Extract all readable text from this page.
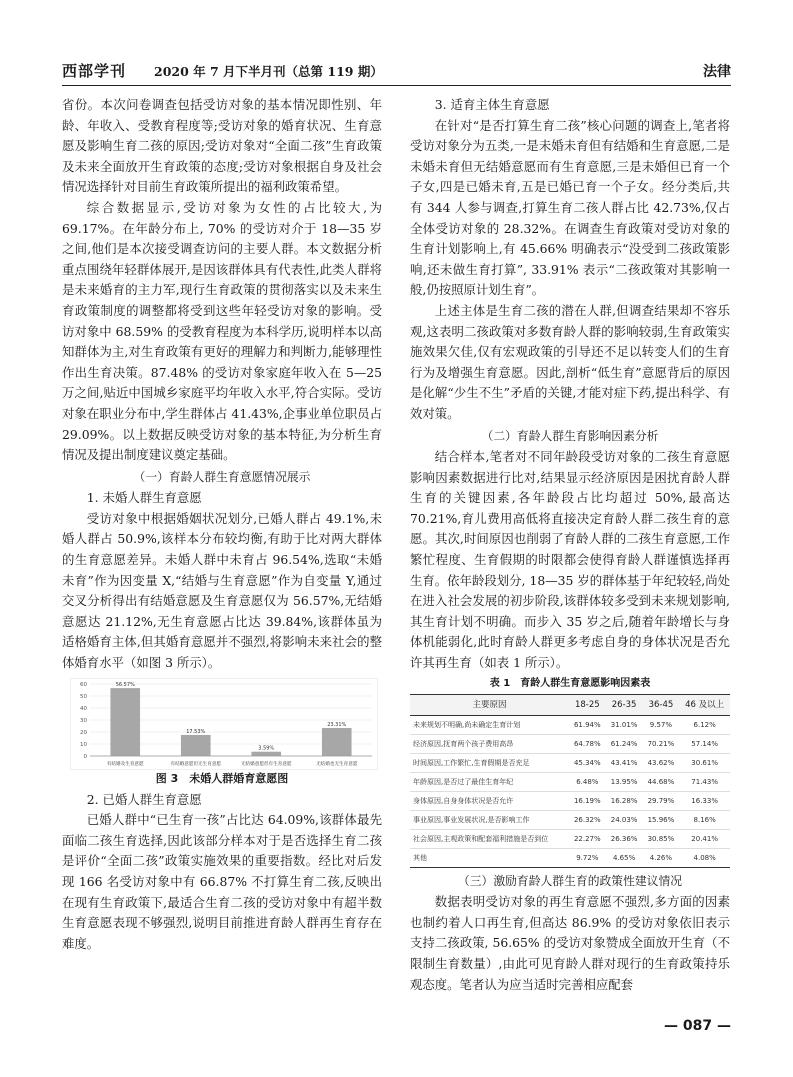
西部学刊 2020 年 7 月下半月刊（总第 119 期）	法律

省份。本次问卷调查包括受访对象的基本情况即性别、年龄、年收入、受教育程度等;受访对象的婚育状况、生育意愿及影响生育二孩的原因;受访对象对“全面二孩”生育政策及未来全面放开生育政策的态度;受访对象根据自身及社会情况选择针对目前生育政策所提出的福利政策希望。

综合数据显示,受访对象为女性的占比较大,为 69.17%。在年龄分布上, 70% 的受访对介于 18—35 岁之间,他们是本次接受调查访问的主要人群。本文数据分析重点围绕年轻群体展开,是因该群体具有代表性,此类人群将是未来婚育的主力军,现行生育政策的贯彻落实以及未来生育政策制度的调整都将受到这些年轻受访对象的影响。受访对象中 68.59% 的受教育程度为本科学历,说明样本以高知群体为主,对生育政策有更好的理解力和判断力,能够理性作出生育决策。87.48% 的受访对象家庭年收入在 5—25 万之间,贴近中国城乡家庭平均年收入水平,符合实际。受访对象在职业分布中,学生群体占 41.43%,企事业单位职员占 29.09%。以上数据反映受访对象的基本特征,为分析生育情况及提出制度建议奠定基础。

（一）育龄人群生育意愿情况展示

1. 未婚人群生育意愿

受访对象中根据婚姻状况划分,已婚人群占 49.1%,未婚人群占 50.9%,该样本分布较均衡,有助于比对两大群体的生育意愿差异。未婚人群中未育占 96.54%,选取“未婚未育”作为因变量 X,“结婚与生育意愿”作为自变量 Y,通过交叉分析得出有结婚意愿及生育意愿仅为 56.57%,无结婚意愿达 21.12%,无生育意愿占比达 39.84%,该群体虽为适格婚育主体,但其婚育意愿并不强烈,将影响未来社会的整体婚育水平（如图 3 所示）。

0
10
20
30
40
50
60	56.57%
有结婚及生育意愿
17.53%
有结婚意愿但无生育意愿
3.59%
无结婚意愿但有生育意愿
23.31%
无结婚也无生育意愿
图 3　未婚人群婚育意愿图

2. 已婚人群生育意愿

已婚人群中“已生育一孩”占比达 64.09%,该群体最先面临二孩生育选择,因此该部分样本对于是否选择生育二孩是评价“全面二孩”政策实施效果的重要指数。经比对后发现 166 名受访对象中有 66.87% 不打算生育二孩,反映出在现有生育政策下,最适合生育二孩的受访对象中有超半数生育意愿表现不够强烈,说明目前推进育龄人群再生育存在难度。

3. 适育主体生育意愿

在针对“是否打算生育二孩”核心问题的调查上,笔者将受访对象分为五类,一是未婚未育但有结婚和生育意愿,二是未婚未育但无结婚意愿而有生育意愿,三是未婚但已育一个子女,四是已婚未育,五是已婚已育一个子女。经分类后,共有 344 人参与调查,打算生育二孩人群占比 42.73%,仅占全体受访对象的 28.32%。在调查生育政策对受访对象的生育计划影响上,有 45.66% 明确表示“没受到二孩政策影响,还未做生育打算”, 33.91% 表示“二孩政策对其影响一般,仍按照原计划生育”。

上述主体是生育二孩的潜在人群,但调查结果却不容乐观,这表明二孩政策对多数育龄人群的影响较弱,生育政策实施效果欠佳,仅有宏观政策的引导还不足以转变人们的生育行为及增强生育意愿。因此,剖析“低生育”意愿背后的原因是化解“少生不生”矛盾的关键,才能对症下药,提出科学、有效对策。

（二）育龄人群生育影响因素分析

结合样本,笔者对不同年龄段受访对象的二孩生育意愿影响因素数据进行比对,结果显示经济原因是困扰育龄人群生育的关键因素,各年龄段占比均超过 50%,最高达 70.21%,育儿费用高低将直接决定育龄人群二孩生育的意愿。其次,时间原因也削弱了育龄人群的二孩生育意愿,工作繁忙程度、生育假期的时限都会使得育龄人群谨慎选择再生育。依年龄段划分, 18—35 岁的群体基于年纪较轻,尚处在进入社会发展的初步阶段,该群体较多受到未来规划影响,其生育计划不明确。而步入 35 岁之后,随着年龄增长与身体机能弱化,此时育龄人群更多考虑自身的身体状况是否允许其再生育（如表 1 所示）。

表 1　育龄人群生育意愿影响因素表
主要原因	18-25	26-35	36-45	46 及以上
未来规划不明确,尚未确定生育计划	61.94%	31.01%	9.57%	6.12%
经济原因,抚育两个孩子费用高昂	64.78%	61.24%	70.21%	57.14%
时间原因,工作繁忙,生育假期是否充足	45.34%	43.41%	43.62%	30.61%
年龄原因,是否过了最佳生育年纪	6.48%	13.95%	44.68%	71.43%
身体原因,自身身体状况是否允许	16.19%	16.28%	29.79%	16.33%
事业原因,事业发展状况,是否影响工作	26.32%	24.03%	15.96%	8.16%
社会原因,主观政策和配套福利措施是否到位	22.27%	26.36%	30.85%	20.41%
其他	9.72%	4.65%	4.26%	4.08%
（三）激励育龄人群生育的政策性建议情况

数据表明受访对象的再生育意愿不强烈,多方面的因素也制约着人口再生育,但高达 86.9% 的受访对象依旧表示支持二孩政策, 56.65% 的受访对象赞成全面放开生育（不限制生育数量）,由此可见育龄人群对现行的生育政策持乐观态度。笔者认为应当适时完善相应配套

— 087 —
